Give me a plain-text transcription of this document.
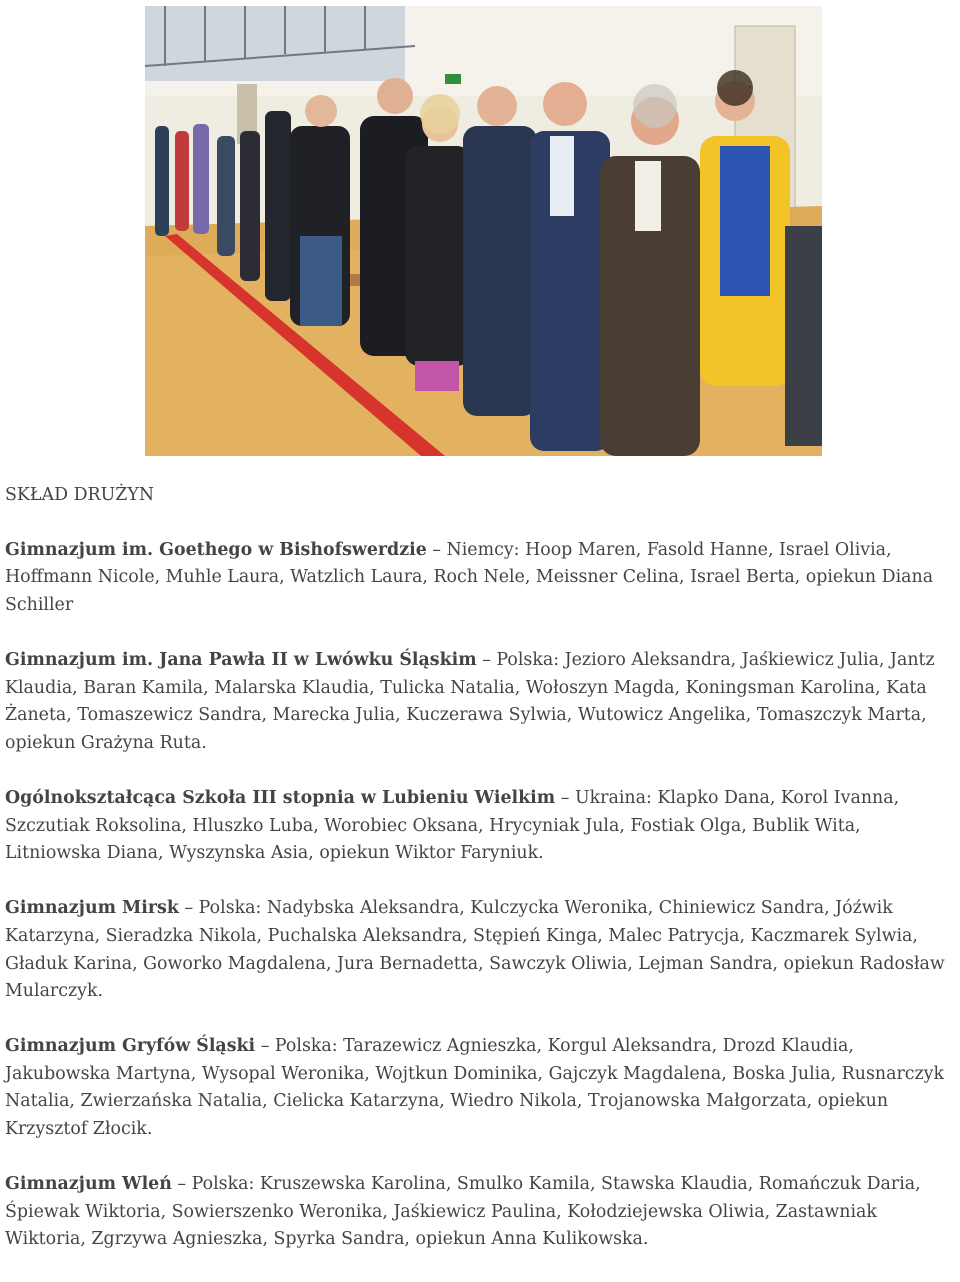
SKŁAD DRUŻYN

Gimnazjum im. Goethego w Bishofswerdzie – Niemcy: Hoop Maren, Fasold Hanne, Israel Olivia, Hoffmann Nicole, Muhle Laura, Watzlich Laura, Roch Nele, Meissner Celina, Israel Berta, opiekun Diana Schiller

Gimnazjum im. Jana Pawła II w Lwówku Śląskim – Polska: Jezioro Aleksandra, Jaśkiewicz Julia, Jantz Klaudia, Baran Kamila, Malarska Klaudia, Tulicka Natalia, Wołoszyn Magda, Koningsman Karolina, Kata Żaneta, Tomaszewicz Sandra, Marecka Julia, Kuczerawa Sylwia, Wutowicz Angelika, Tomaszczyk Marta, opiekun Grażyna Ruta.

Ogólnokształcąca Szkoła III stopnia w Lubieniu Wielkim – Ukraina: Klapko Dana, Korol Ivanna, Szczutiak Roksolina, Hluszko Luba, Worobiec Oksana, Hrycyniak Jula, Fostiak Olga, Bublik Wita, Litniowska Diana, Wyszynska Asia, opiekun Wiktor Faryniuk.

Gimnazjum Mirsk – Polska: Nadybska Aleksandra, Kulczycka Weronika, Chiniewicz Sandra, Jóźwik Katarzyna, Sieradzka Nikola, Puchalska Aleksandra, Stępień Kinga, Malec Patrycja, Kaczmarek Sylwia, Gładuk Karina, Goworko Magdalena, Jura Bernadetta, Sawczyk Oliwia, Lejman Sandra, opiekun Radosław Mularczyk.

Gimnazjum Gryfów Śląski – Polska: Tarazewicz Agnieszka, Korgul Aleksandra, Drozd Klaudia, Jakubowska Martyna, Wysopal Weronika, Wojtkun Dominika, Gajczyk Magdalena, Boska Julia, Rusnarczyk Natalia, Zwierzańska Natalia, Cielicka Katarzyna, Wiedro Nikola, Trojanowska Małgorzata, opiekun Krzysztof Złocik.

Gimnazjum Wleń – Polska: Kruszewska Karolina, Smulko Kamila, Stawska Klaudia, Romańczuk Daria, Śpiewak Wiktoria, Sowierszenko Weronika, Jaśkiewicz Paulina, Kołodziejewska Oliwia, Zastawniak Wiktoria, Zgrzywa Agnieszka, Spyrka Sandra, opiekun Anna Kulikowska.
